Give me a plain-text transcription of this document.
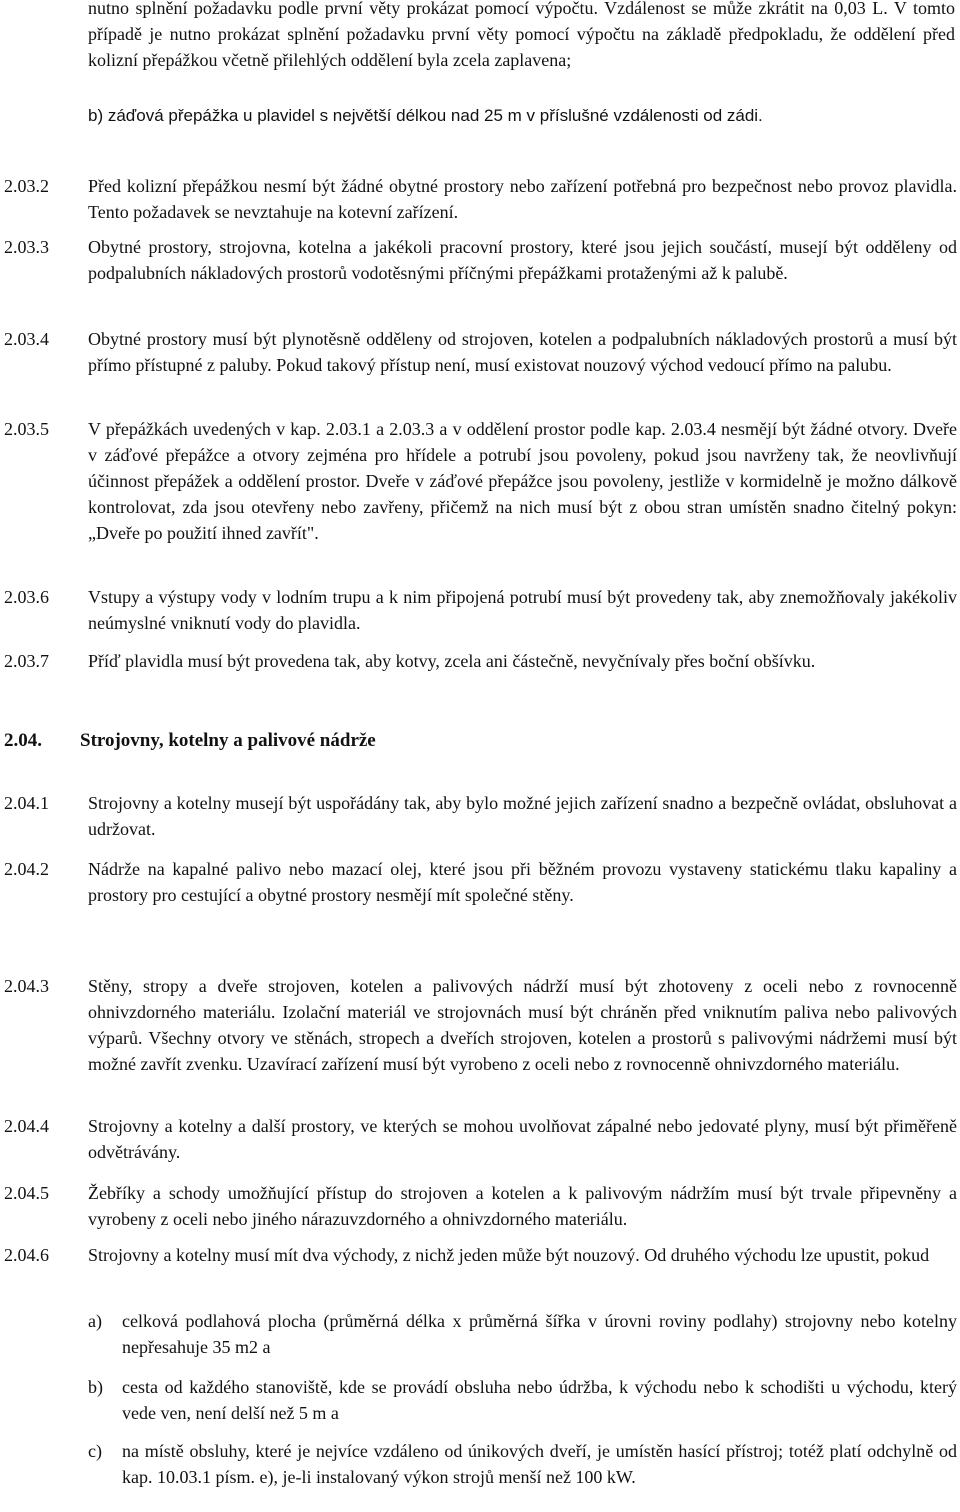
nutno splnění požadavku podle první věty prokázat pomocí výpočtu. Vzdálenost se může zkrátit na 0,03 L. V tomto případě je nutno prokázat splnění požadavku první věty pomocí výpočtu na základě předpokladu, že oddělení před kolizní přepážkou včetně přilehlých oddělení byla zcela zaplavena;
b) záďová přepážka u plavidel s největší délkou nad 25 m v příslušné vzdálenosti od zádi.
2.03.2 Před kolizní přepážkou nesmí být žádné obytné prostory nebo zařízení potřebná pro bezpečnost nebo provoz plavidla. Tento požadavek se nevztahuje na kotevní zařízení.
2.03.3 Obytné prostory, strojovna, kotelna a jakékoli pracovní prostory, které jsou jejich součástí, musejí být odděleny od podpalubních nákladových prostorů vodotěsnými příčnými přepážkami protaženými až k palubě.
2.03.4 Obytné prostory musí být plynotěsně odděleny od strojoven, kotelen a podpalubních nákladových prostorů a musí být přímo přístupné z paluby. Pokud takový přístup není, musí existovat nouzový východ vedoucí přímo na palubu.
2.03.5 V přepážkách uvedených v kap. 2.03.1 a 2.03.3 a v oddělení prostor podle kap. 2.03.4 nesmějí být žádné otvory. Dveře v záďové přepážce a otvory zejména pro hřídele a potrubí jsou povoleny, pokud jsou navrženy tak, že neovlivňují účinnost přepážek a oddělení prostor. Dveře v záďové přepážce jsou povoleny, jestliže v kormidelně je možno dálkově kontrolovat, zda jsou otevřeny nebo zavřeny, přičemž na nich musí být z obou stran umístěn snadno čitelný pokyn: „Dveře po použití ihned zavřít".
2.03.6 Vstupy a výstupy vody v lodním trupu a k nim připojená potrubí musí být provedeny tak, aby znemožňovaly jakékoliv neúmyslné vniknutí vody do plavidla.
2.03.7 Příď plavidla musí být provedena tak, aby kotvy, zcela ani částečně, nevyčnívaly přes boční obšívku.
2.04. Strojovny, kotelny a palivové nádrže
2.04.1 Strojovny a kotelny musejí být uspořádány tak, aby bylo možné jejich zařízení snadno a bezpečně ovládat, obsluhovat a udržovat.
2.04.2 Nádrže na kapalné palivo nebo mazací olej, které jsou při běžném provozu vystaveny statickému tlaku kapaliny a prostory pro cestující a obytné prostory nesmějí mít společné stěny.
2.04.3 Stěny, stropy a dveře strojoven, kotelen a palivových nádrží musí být zhotoveny z oceli nebo z rovnocenně ohnivzdorného materiálu. Izolační materiál ve strojovnách musí být chráněn před vniknutím paliva nebo palivových výparů. Všechny otvory ve stěnách, stropech a dveřích strojoven, kotelen a prostorů s palivovými nádržemi musí být možné zavřít zvenku. Uzavírací zařízení musí být vyrobeno z oceli nebo z rovnocenně ohnivzdorného materiálu.
2.04.4 Strojovny a kotelny a další prostory, ve kterých se mohou uvolňovat zápalné nebo jedovaté plyny, musí být přiměřeně odvětrávány.
2.04.5 Žebříky a schody umožňující přístup do strojoven a kotelen a k palivovým nádržím musí být trvale připevněny a vyrobeny z oceli nebo jiného nárazuvzdorného a ohnivzdorného materiálu.
2.04.6 Strojovny a kotelny musí mít dva východy, z nichž jeden může být nouzový. Od druhého východu lze upustit, pokud
a) celková podlahová plocha (průměrná délka x průměrná šířka v úrovni roviny podlahy) strojovny nebo kotelny nepřesahuje 35 m2 a
b) cesta od každého stanoviště, kde se provádí obsluha nebo údržba, k východu nebo k schodišti u východu, který vede ven, není delší než 5 m a
c) na místě obsluhy, které je nejvíce vzdáleno od únikových dveří, je umístěn hasící přístroj; totéž platí odchylně od kap. 10.03.1 písm. e), je-li instalovaný výkon strojů menší než 100 kW.
